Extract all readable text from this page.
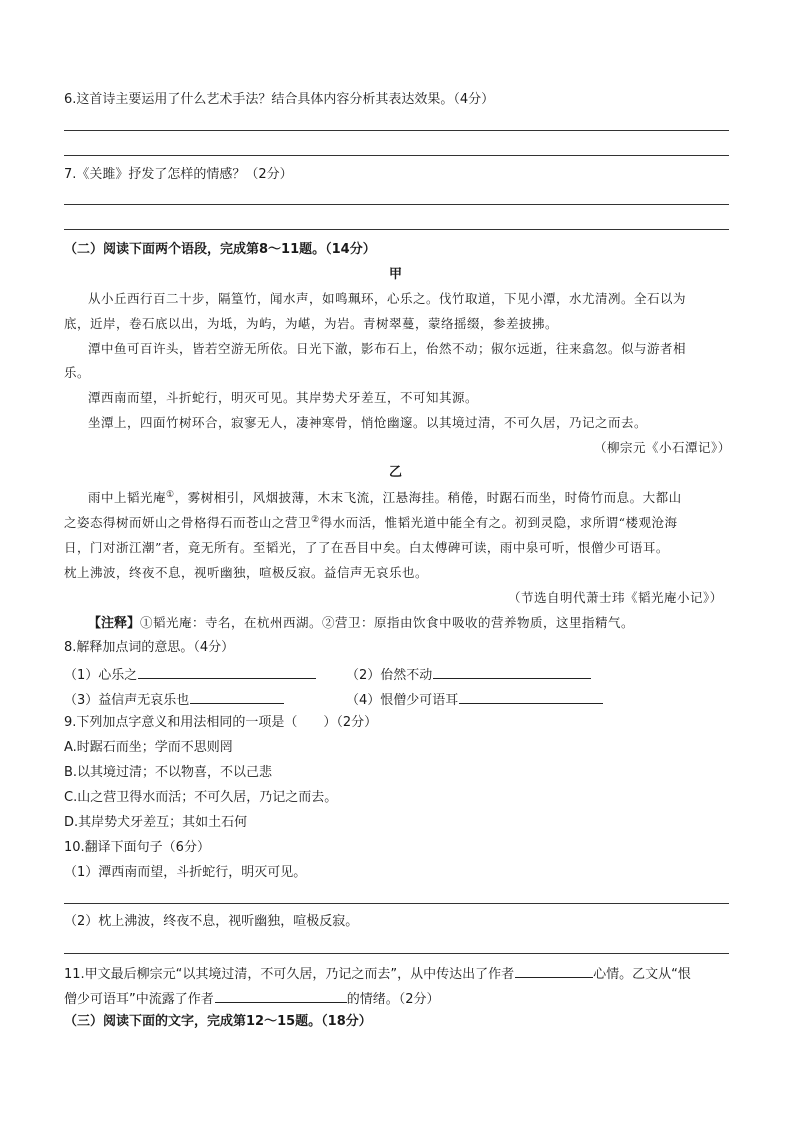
6.这首诗主要运用了什么艺术手法？结合具体内容分析其表达效果。（4分）
7.《关雎》抒发了怎样的情感？（2分）
（二）阅读下面两个语段，完成第8～11题。（14分）
甲
从小丘西行百二十步，隔篁竹，闻水声，如鸣珮环，心乐之。伐竹取道，下见小潭，水尤清冽。全石以为
底，近岸，卷石底以出，为坻，为屿，为嵁，为岩。青树翠蔓，蒙络摇缀，参差披拂。
潭中鱼可百许头，皆若空游无所依。日光下澈，影布石上，佁然不动；俶尔远逝，往来翕忽。似与游者相
乐。
潭西南而望，斗折蛇行，明灭可见。其岸势犬牙差互，不可知其源。
坐潭上，四面竹树环合，寂寥无人，凄神寒骨，悄怆幽邃。以其境过清，不可久居，乃记之而去。
（柳宗元《小石潭记》）
乙
雨中上韬光庵①，雾树相引，风烟披薄，木末飞流，江悬海挂。稍倦，时踞石而坐，时倚竹而息。大都山
之姿态得树而妍山之骨格得石而苍山之营卫②得水而活，惟韬光道中能全有之。初到灵隐，求所谓“楼观沧海
日，门对浙江潮”者，竟无所有。至韬光，了了在吾目中矣。白太傅碑可读，雨中泉可听，恨僧少可语耳。
枕上沸波，终夜不息，视听幽独，喧极反寂。益信声无哀乐也。
（节选自明代萧士玮《韬光庵小记》）
【注释】①韬光庵：寺名，在杭州西湖。②营卫：原指由饮食中吸收的营养物质，这里指精气。
8.解释加点词的意思。（4分）
（1）心乐之	（2）佁然不动
（3）益信声无哀乐也	（4）恨僧少可语耳
9.下列加点字意义和用法相同的一项是（　　）（2分）
A.时踞石而坐；学而不思则罔
B.以其境过清；不以物喜，不以己悲
C.山之营卫得水而活；不可久居，乃记之而去。
D.其岸势犬牙差互；其如土石何
10.翻译下面句子（6分）
（1）潭西南而望，斗折蛇行，明灭可见。
（2）枕上沸波，终夜不息，视听幽独，喧极反寂。
11.甲文最后柳宗元“以其境过清，不可久居，乃记之而去”，从中传达出了作者	心情。乙文从“恨
僧少可语耳”中流露了作者	的情绪。（2分）
（三）阅读下面的文字，完成第12～15题。（18分）
